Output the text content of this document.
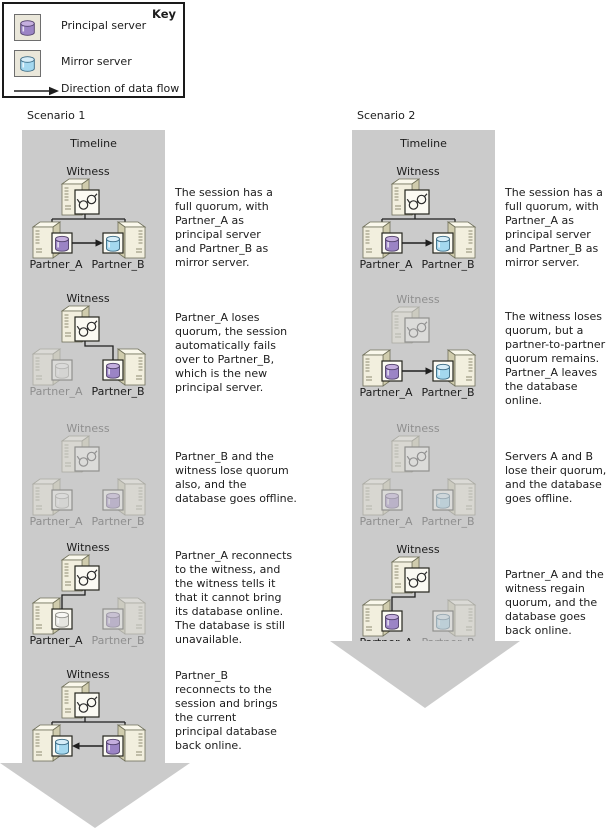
Key
Principal server
Mirror server
Direction of data flow
Scenario 1
Timeline
Witness
Partner_A Partner_B
Witness
Partner_A Partner_B
Witness
Partner_A Partner_B
Witness
Partner_A Partner_B
Witness
Partner_A Partner_B
The session has a full quorum, with Partner_A as principal server and Partner_B as mirror server.
Partner_A loses quorum, the session automatically fails over to Partner_B, which is the new principal server.
Partner_B and the witness lose quorum also, and the database goes offline.
Partner_A reconnects to the witness, and the witness tells it that it cannot bring its database online. The database is still unavailable.
Partner_B reconnects to the session and brings the current principal database back online.
Scenario 2
Timeline
Witness
Partner_A Partner_B
Witness
Partner_A Partner_B
Witness
Partner_A Partner_B
Witness
Partner_A Partner_B
The session has a full quorum, with Partner_A as principal server and Partner_B as mirror server.
The witness loses quorum, but a partner-to-partner quorum remains. Partner_A leaves the database online.
Servers A and B lose their quorum, and the database goes offline.
Partner_A and the witness regain quorum, and the database goes back online.
